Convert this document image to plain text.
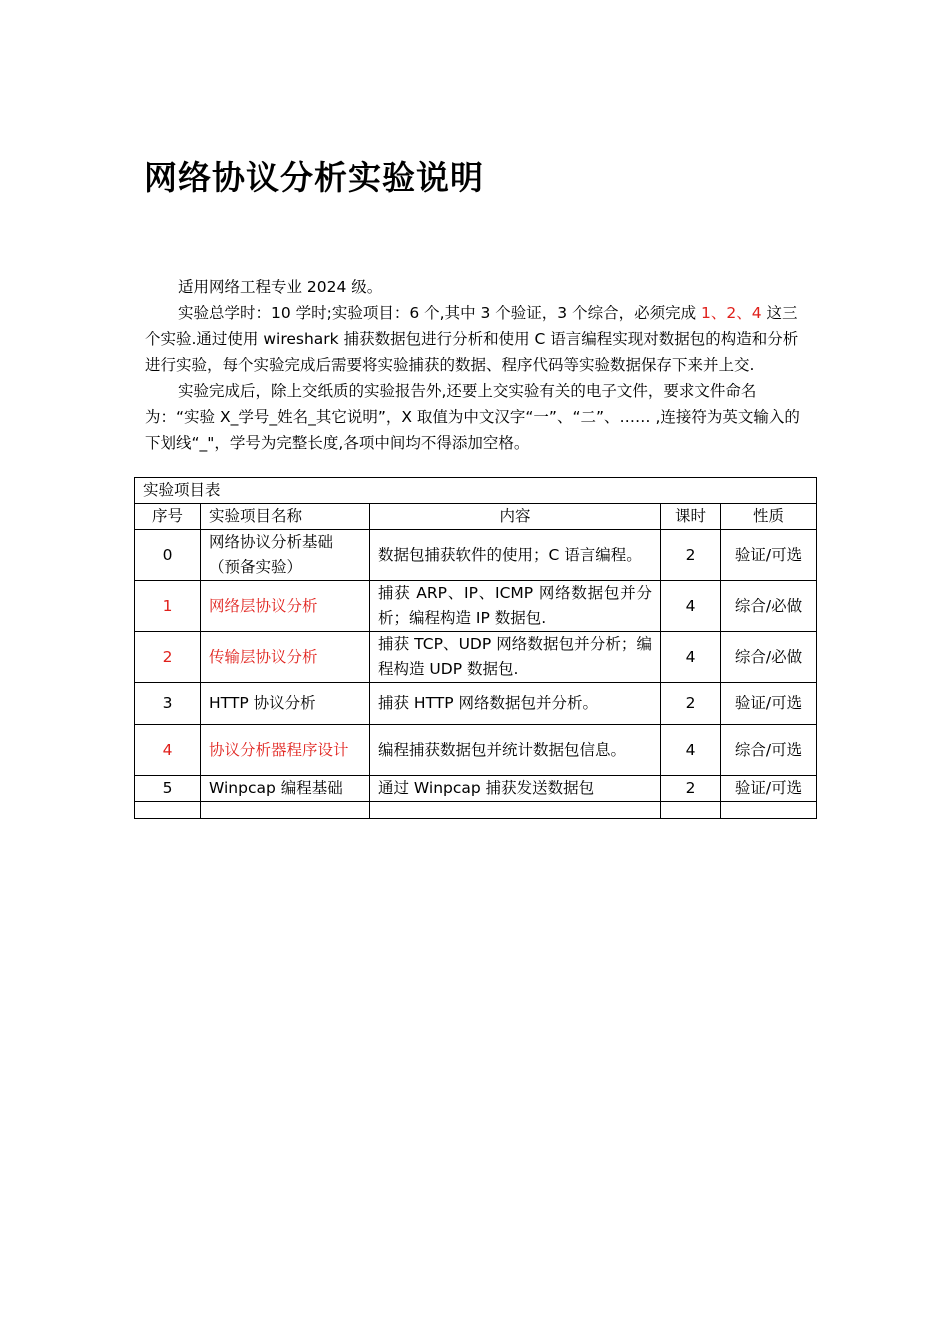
网络协议分析实验说明

适用网络工程专业 2024 级。

实验总学时：10 学时;实验项目：6 个,其中 3 个验证，3 个综合，必须完成 1、2、4 这三个实验.通过使用 wireshark 捕获数据包进行分析和使用 C 语言编程实现对数据包的构造和分析进行实验，每个实验完成后需要将实验捕获的数据、程序代码等实验数据保存下来并上交.

实验完成后，除上交纸质的实验报告外,还要上交实验有关的电子文件，要求文件命名为：“实验 X_学号_姓名_其它说明”，X 取值为中文汉字“一”、“二”、…… ,连接符为英文输入的下划线“_"，学号为完整长度,各项中间均不得添加空格。

实验项目表				
序号	实验项目名称	内容	课时	性质
0	网络协议分析基础（预备实验）	数据包捕获软件的使用；C 语言编程。	2	验证/可选
1	网络层协议分析	捕获 ARP、IP、ICMP 网络数据包并分析；编程构造 IP 数据包.	4	综合/必做
2	传输层协议分析	捕获 TCP、UDP 网络数据包并分析；编程构造 UDP 数据包.	4	综合/必做
3	HTTP 协议分析	捕获 HTTP 网络数据包并分析。	2	验证/可选
4	协议分析器程序设计	编程捕获数据包并统计数据包信息。	4	综合/可选
5	Winpcap 编程基础	通过 Winpcap 捕获发送数据包	2	验证/可选
